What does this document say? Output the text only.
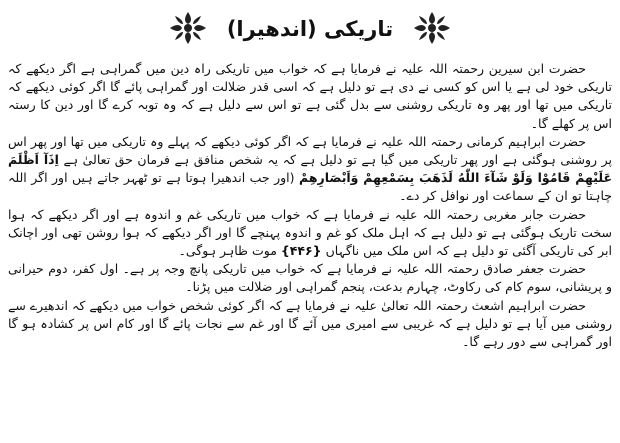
تاریکی (اندھیرا)

حضرت ابن سیرین رحمتہ اللہ علیہ نے فرمایا ہے کہ خواب میں تاریکی راہ دین میں گمراہی ہے اگر دیکھے کہ تاریکی خود لی ہے یا اس کو کسی نے دی ہے تو دلیل ہے کہ اسی قدر ضلالت اور گمراہی پائے گا اگر کوئی دیکھے کہ تاریکی میں تھا اور پھر وہ تاریکی روشنی سے بدل گئی ہے تو اس سے دلیل ہے کہ وہ توبہ کرے گا اور دین کا رستہ اس پر کھلے گا۔

حضرت ابراہیم کرمانی رحمتہ اللہ علیہ نے فرمایا ہے کہ اگر کوئی دیکھے کہ پہلے وہ تاریکی میں تھا اور پھر اس پر روشنی ہوگئی ہے اور پھر تاریکی میں گیا ہے تو دلیل ہے کہ یہ شخص منافق ہے فرمان حق تعالیٰ ہے اِذَآ اَظْلَمَ عَلَيْهِمْ قَامُوْا وَلَوْ شَآءَ اللّٰهُ لَذَهَبَ بِسَمْعِهِمْ وَاَبْصَارِهِمْ (اور جب اندھیرا ہوتا ہے تو ٹھہر جاتے ہیں اور اگر اللہ چاہتا تو ان کے سماعت اور نوافل کر دے۔

حضرت جابر مغربی رحمتہ اللہ علیہ نے فرمایا ہے کہ خواب میں تاریکی غم و اندوہ ہے اور اگر دیکھے کہ ہوا سخت تاریک ہوگئی ہے تو دلیل ہے کہ اہل ملک کو غم و اندوہ پہنچے گا اور اگر دیکھے کہ ہوا روشن تھی اور اچانک ابر کی تاریکی آگئی تو دلیل ہے کہ اس ملک میں ناگہاں {۴۴۶} موت ظاہر ہوگی۔

حضرت جعفر صادق رحمتہ اللہ علیہ نے فرمایا ہے کہ خواب میں تاریکی پانچ وجہ پر ہے۔ اول کفر، دوم حیرانی و پریشانی، سوم کام کی رکاوٹ، چہارم بدعت، پنجم گمراہی اور ضلالت میں پڑنا۔

حضرت ابراہیم اشعث رحمتہ اللہ تعالیٰ علیہ نے فرمایا ہے کہ اگر کوئی شخص خواب میں دیکھے کہ اندھیرے سے روشنی میں آیا ہے تو دلیل ہے کہ غریبی سے امیری میں آئے گا اور غم سے نجات پائے گا اور کام اس پر کشادہ ہو گا اور گمراہی سے دور رہے گا۔
